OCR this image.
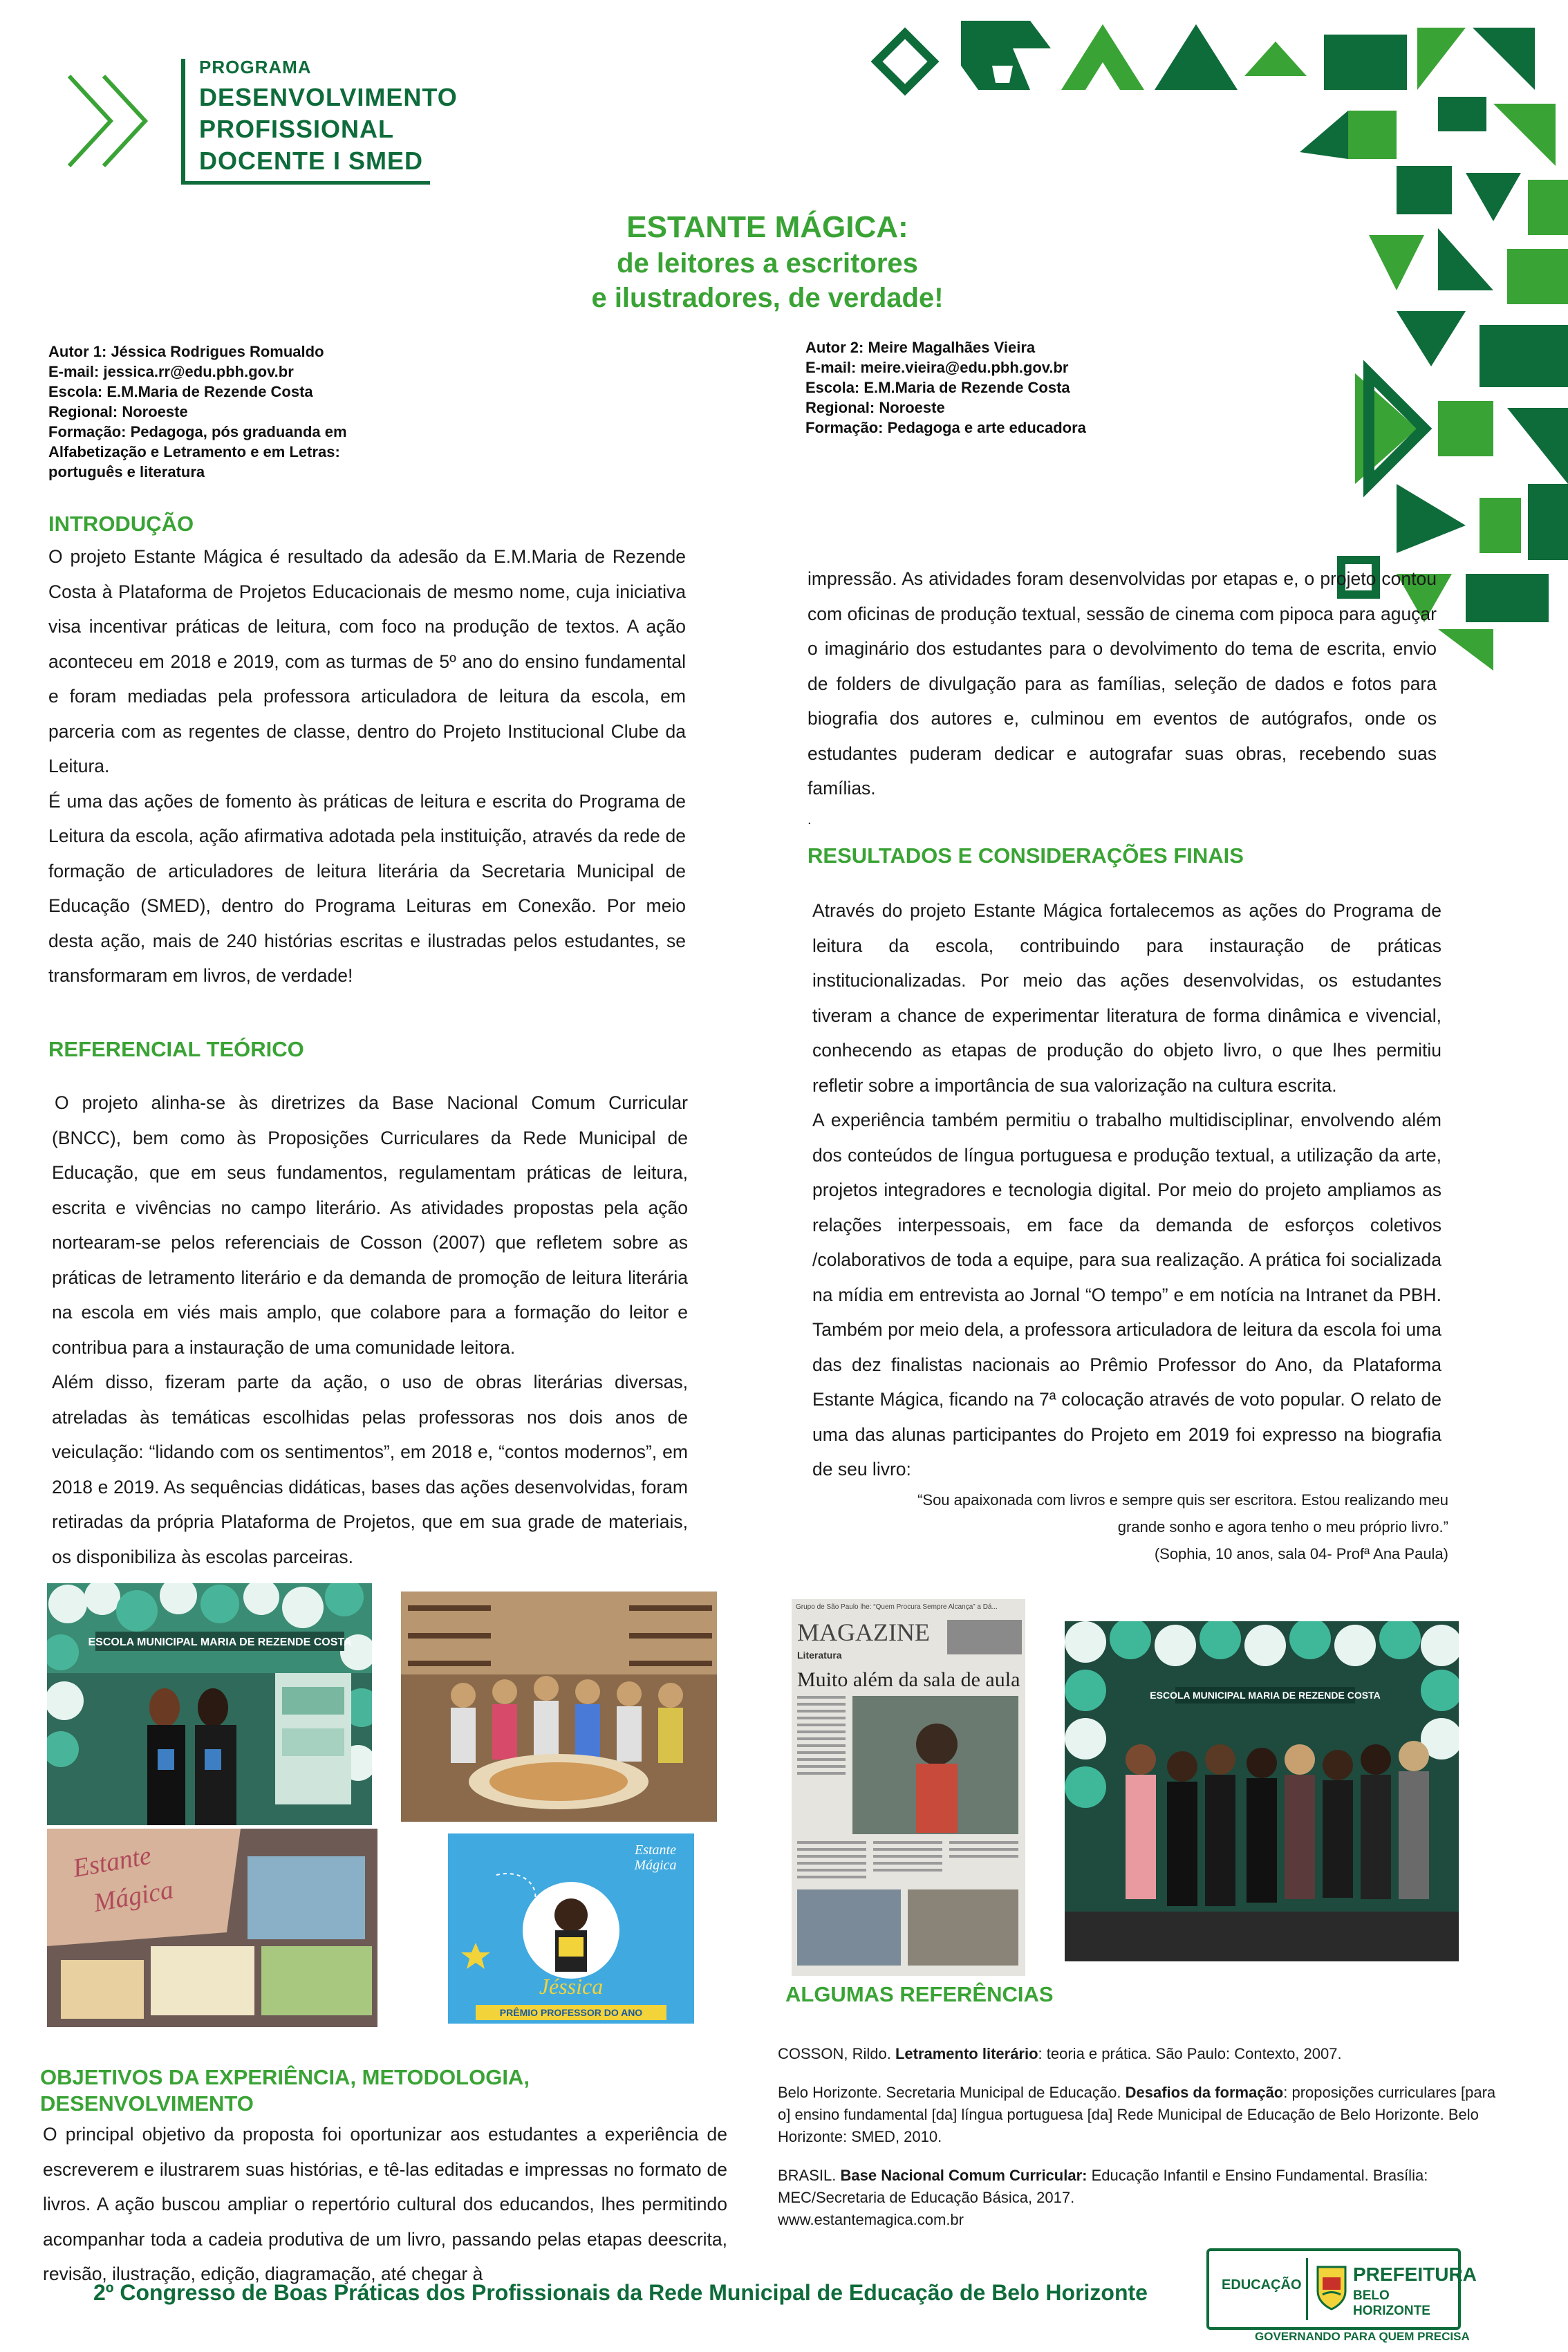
PROGRAMA
DESENVOLVIMENTO
PROFISSIONAL
DOCENTE I SMED
ESTANTE MÁGICA:
de leitores a escritores
e ilustradores, de verdade!
Autor 1: Jéssica Rodrigues Romualdo
E-mail: jessica.rr@edu.pbh.gov.br
Escola: E.M.Maria de Rezende Costa
Regional: Noroeste
Formação: Pedagoga, pós graduanda em
Alfabetização e Letramento e em Letras:
português e literatura
Autor 2: Meire Magalhães Vieira
E-mail: meire.vieira@edu.pbh.gov.br
Escola: E.M.Maria de Rezende Costa
Regional: Noroeste
Formação: Pedagoga e arte educadora
INTRODUÇÃO

O projeto Estante Mágica é resultado da adesão da E.M.Maria de Rezende Costa à Plataforma de Projetos Educacionais de mesmo nome, cuja iniciativa visa incentivar práticas de leitura, com foco na produção de textos. A ação aconteceu em 2018 e 2019, com as turmas de 5º ano do ensino fundamental e foram mediadas pela professora articuladora de leitura da escola, em parceria com as regentes de classe, dentro do Projeto Institucional Clube da Leitura.

É uma das ações de fomento às práticas de leitura e escrita do Programa de Leitura da escola, ação afirmativa adotada pela instituição, através da rede de formação de articuladores de leitura literária da Secretaria Municipal de Educação (SMED), dentro do Programa Leituras em Conexão. Por meio desta ação, mais de 240 histórias escritas e ilustradas pelos estudantes, se transformaram em livros, de verdade!

REFERENCIAL TEÓRICO

O projeto alinha-se às diretrizes da Base Nacional Comum Curricular (BNCC), bem como às Proposições Curriculares da Rede Municipal de Educação, que em seus fundamentos, regulamentam práticas de leitura, escrita e vivências no campo literário. As atividades propostas pela ação nortearam-se pelos referenciais de Cosson (2007) que refletem sobre as práticas de letramento literário e da demanda de promoção de leitura literária na escola em viés mais amplo, que colabore para a formação do leitor e contribua para a instauração de uma comunidade leitora.

Além disso, fizeram parte da ação, o uso de obras literárias diversas, atreladas às temáticas escolhidas pelas professoras nos dois anos de veiculação: “lidando com os sentimentos”, em 2018 e, “contos modernos”, em 2018 e 2019. As sequências didáticas, bases das ações desenvolvidas, foram retiradas da própria Plataforma de Projetos, que em sua grade de materiais, os disponibiliza às escolas parceiras.

impressão. As atividades foram desenvolvidas por etapas e, o projeto contou com oficinas de produção textual, sessão de cinema com pipoca para aguçar o imaginário dos estudantes para o devolvimento do tema de escrita, envio de folders de divulgação para as famílias, seleção de dados e fotos para biografia dos autores e, culminou em eventos de autógrafos, onde os estudantes puderam dedicar e autografar suas obras, recebendo suas famílias.

.

RESULTADOS E CONSIDERAÇÕES FINAIS

Através do projeto Estante Mágica fortalecemos as ações do Programa de leitura da escola, contribuindo para instauração de práticas institucionalizadas. Por meio das ações desenvolvidas, os estudantes tiveram a chance de experimentar literatura de forma dinâmica e vivencial, conhecendo as etapas de produção do objeto livro, o que lhes permitiu refletir sobre a importância de sua valorização na cultura escrita.

A experiência também permitiu o trabalho multidisciplinar, envolvendo além dos conteúdos de língua portuguesa e produção textual, a utilização da arte, projetos integradores e tecnologia digital. Por meio do projeto ampliamos as relações interpessoais, em face da demanda de esforços coletivos /colaborativos de toda a equipe, para sua realização. A prática foi socializada na mídia em entrevista ao Jornal “O tempo” e em notícia na Intranet da PBH. Também por meio dela, a professora articuladora de leitura da escola foi uma das dez finalistas nacionais ao Prêmio Professor do Ano, da Plataforma Estante Mágica, ficando na 7ª colocação através de voto popular. O relato de uma das alunas participantes do Projeto em 2019 foi expresso na biografia de seu livro:

“Sou apaixonada com livros e sempre quis ser escritora. Estou realizando meu
grande sonho e agora tenho o meu próprio livro.”
(Sophia, 10 anos, sala 04- Profª Ana Paula)
ESCOLA MUNICIPAL MARIA DE REZENDE COSTA
Estante
Mágica
Estante
Mágica
Jéssica
PRÊMIO PROFESSOR DO ANO
Grupo de São Paulo lhe: “Quem Procura Sempre Alcança” a Dá...
MAGAZINE
Literatura
Muito além da sala de aula
ESCOLA MUNICIPAL MARIA DE REZENDE COSTA
OBJETIVOS DA EXPERIÊNCIA, METODOLOGIA,
DESENVOLVIMENTO

O principal objetivo da proposta foi oportunizar aos estudantes a experiência de escreverem e ilustrarem suas histórias, e tê-las editadas e impressas no formato de livros. A ação buscou ampliar o repertório cultural dos educandos, lhes permitindo acompanhar toda a cadeia produtiva de um livro, passando pelas etapas deescrita, revisão, ilustração, edição, diagramação, até chegar à

ALGUMAS REFERÊNCIAS

COSSON, Rildo. Letramento literário: teoria e prática. São Paulo: Contexto, 2007.

Belo Horizonte. Secretaria Municipal de Educação. Desafios da formação: proposições curriculares [para o] ensino fundamental [da] língua portuguesa [da] Rede Municipal de Educação de Belo Horizonte. Belo Horizonte: SMED, 2010.

BRASIL. Base Nacional Comum Curricular: Educação Infantil e Ensino Fundamental. Brasília: MEC/Secretaria de Educação Básica, 2017.

www.estantemagica.com.br

2º Congresso de Boas Práticas dos Profissionais da Rede Municipal de Educação de Belo Horizonte	EDUCAÇÃO	PREFEITURA
BELO HORIZONTE
GOVERNANDO PARA QUEM PRECISA
